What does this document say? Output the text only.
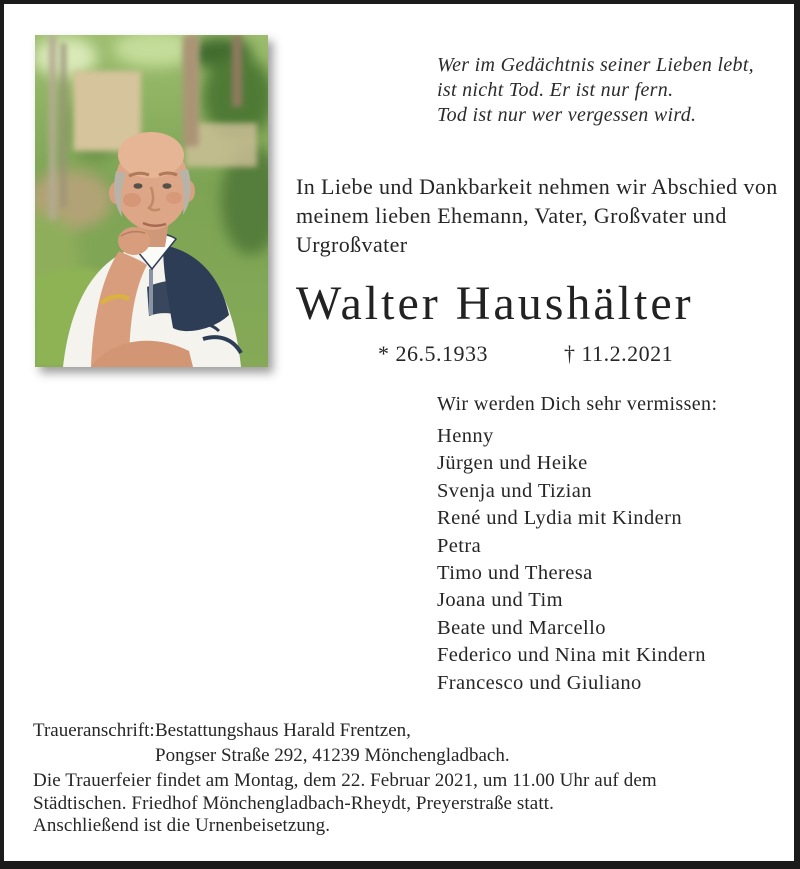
Wer im Gedächtnis seiner Lieben lebt,
ist nicht Tod. Er ist nur fern.
Tod ist nur wer vergessen wird.
In Liebe und Dankbarkeit nehmen wir Abschied von meinem lieben Ehemann, Vater, Großvater und Urgroßvater
Walter Haushälter
* 26.5.1933	† 11.2.2021
Wir werden Dich sehr vermissen:
Henny
Jürgen und Heike
Svenja und Tizian
René und Lydia mit Kindern
Petra
Timo und Theresa
Joana und Tim
Beate und Marcello
Federico und Nina mit Kindern
Francesco und Giuliano
Traueranschrift: Bestattungshaus Harald Frentzen,
Pongser Straße 292, 41239 Mönchengladbach.
Die Trauerfeier findet am Montag, dem 22. Februar 2021, um 11.00 Uhr auf dem
Städtischen. Friedhof Mönchengladbach-Rheydt, Preyerstraße statt.
Anschließend ist die Urnenbeisetzung.
